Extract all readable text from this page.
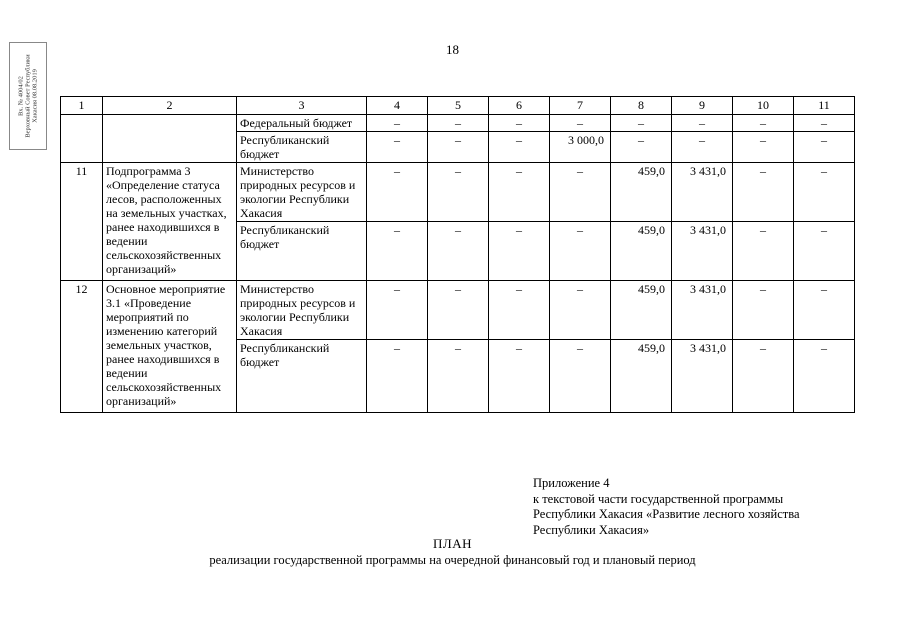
18
Вх. № 4004/02 Верховный Совет Республики Хакасия 08.08.2019	1	2	3	4	5	6	7	8	9	10	11
		Федеральный бюджет	–	–	–	–	–	–	–	–
		Республиканский бюджет	–	–	–	3 000,0	–	–	–	–
11	Подпрограмма 3 «Определение статуса лесов, расположенных на земельных участках, ранее находившихся в ведении сельскохозяйственных организаций»	Министерство природных ресурсов и экологии Республики Хакасия	–	–	–	–	459,0	3 431,0	–	–
		Республиканский бюджет	–	–	–	–	459,0	3 431,0	–	–
12	Основное мероприятие 3.1 «Проведение мероприятий по изменению категорий земельных участков, ранее находившихся в ведении сельскохозяйственных организаций»	Министерство природных ресурсов и экологии Республики Хакасия	–	–	–	–	459,0	3 431,0	–	–
		Республиканский бюджет	–	–	–	–	459,0	3 431,0	–	–
Приложение 4
к текстовой части государственной программы
Республики Хакасия «Развитие лесного хозяйства
Республики Хакасия»
ПЛАН
реализации государственной программы на очередной финансовый год и плановый период
